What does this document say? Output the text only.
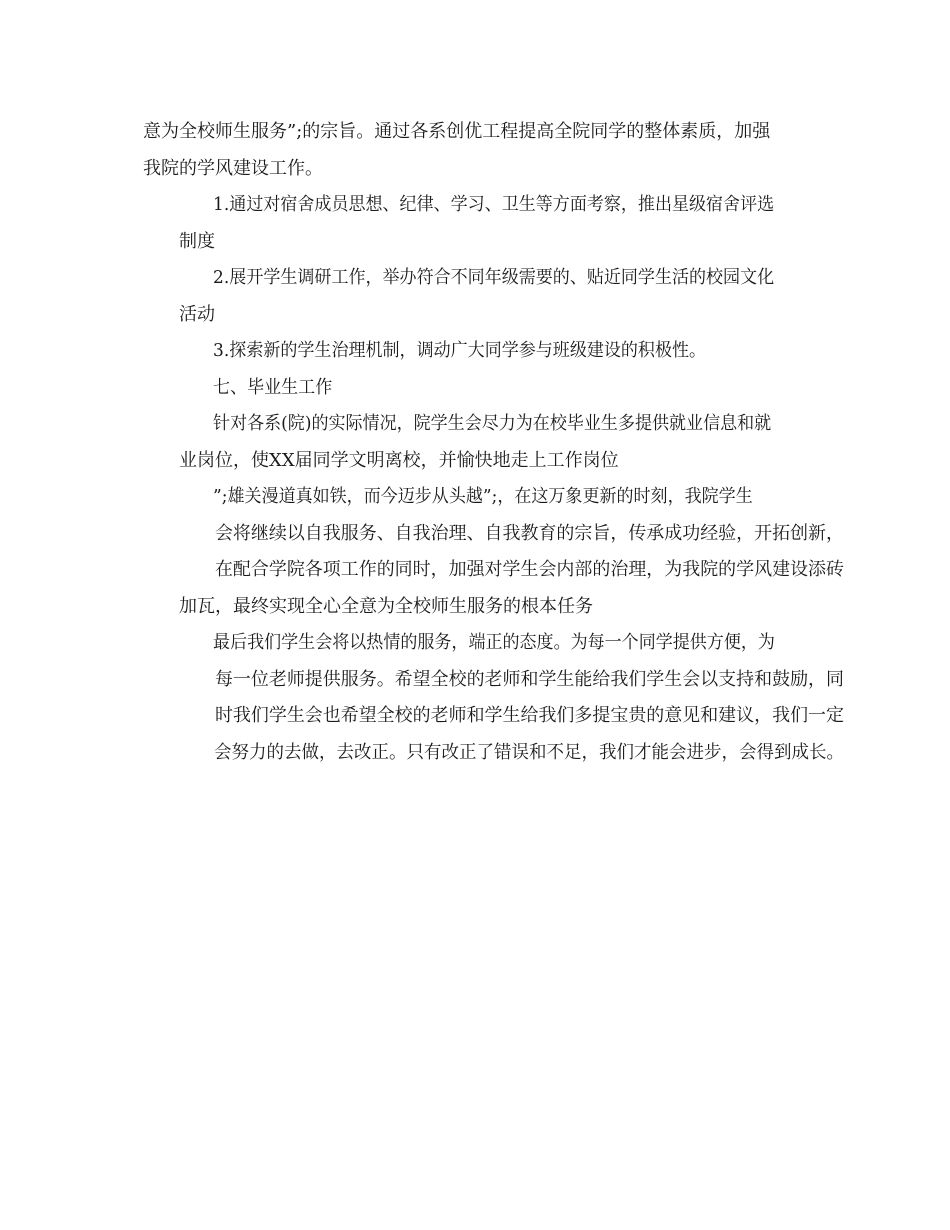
意为全校师生服务”;的宗旨。通过各系创优工程提高全院同学的整体素质，加强
我院的学风建设工作。
1.通过对宿舍成员思想、纪律、学习、卫生等方面考察，推出星级宿舍评选
制度
2.展开学生调研工作，举办符合不同年级需要的、贴近同学生活的校园文化
活动
3.探索新的学生治理机制，调动广大同学参与班级建设的积极性。
七、毕业生工作
针对各系(院)的实际情况，院学生会尽力为在校毕业生多提供就业信息和就
业岗位，使XX届同学文明离校，并愉快地走上工作岗位
”;雄关漫道真如铁，而今迈步从头越”;，在这万象更新的时刻，我院学生
会将继续以自我服务、自我治理、自我教育的宗旨，传承成功经验，开拓创新，
在配合学院各项工作的同时，加强对学生会内部的治理，为我院的学风建设添砖
加瓦，最终实现全心全意为全校师生服务的根本任务
最后我们学生会将以热情的服务，端正的态度。为每一个同学提供方便，为
每一位老师提供服务。希望全校的老师和学生能给我们学生会以支持和鼓励，同
时我们学生会也希望全校的老师和学生给我们多提宝贵的意见和建议，我们一定
会努力的去做，去改正。只有改正了错误和不足，我们才能会进步，会得到成长。
